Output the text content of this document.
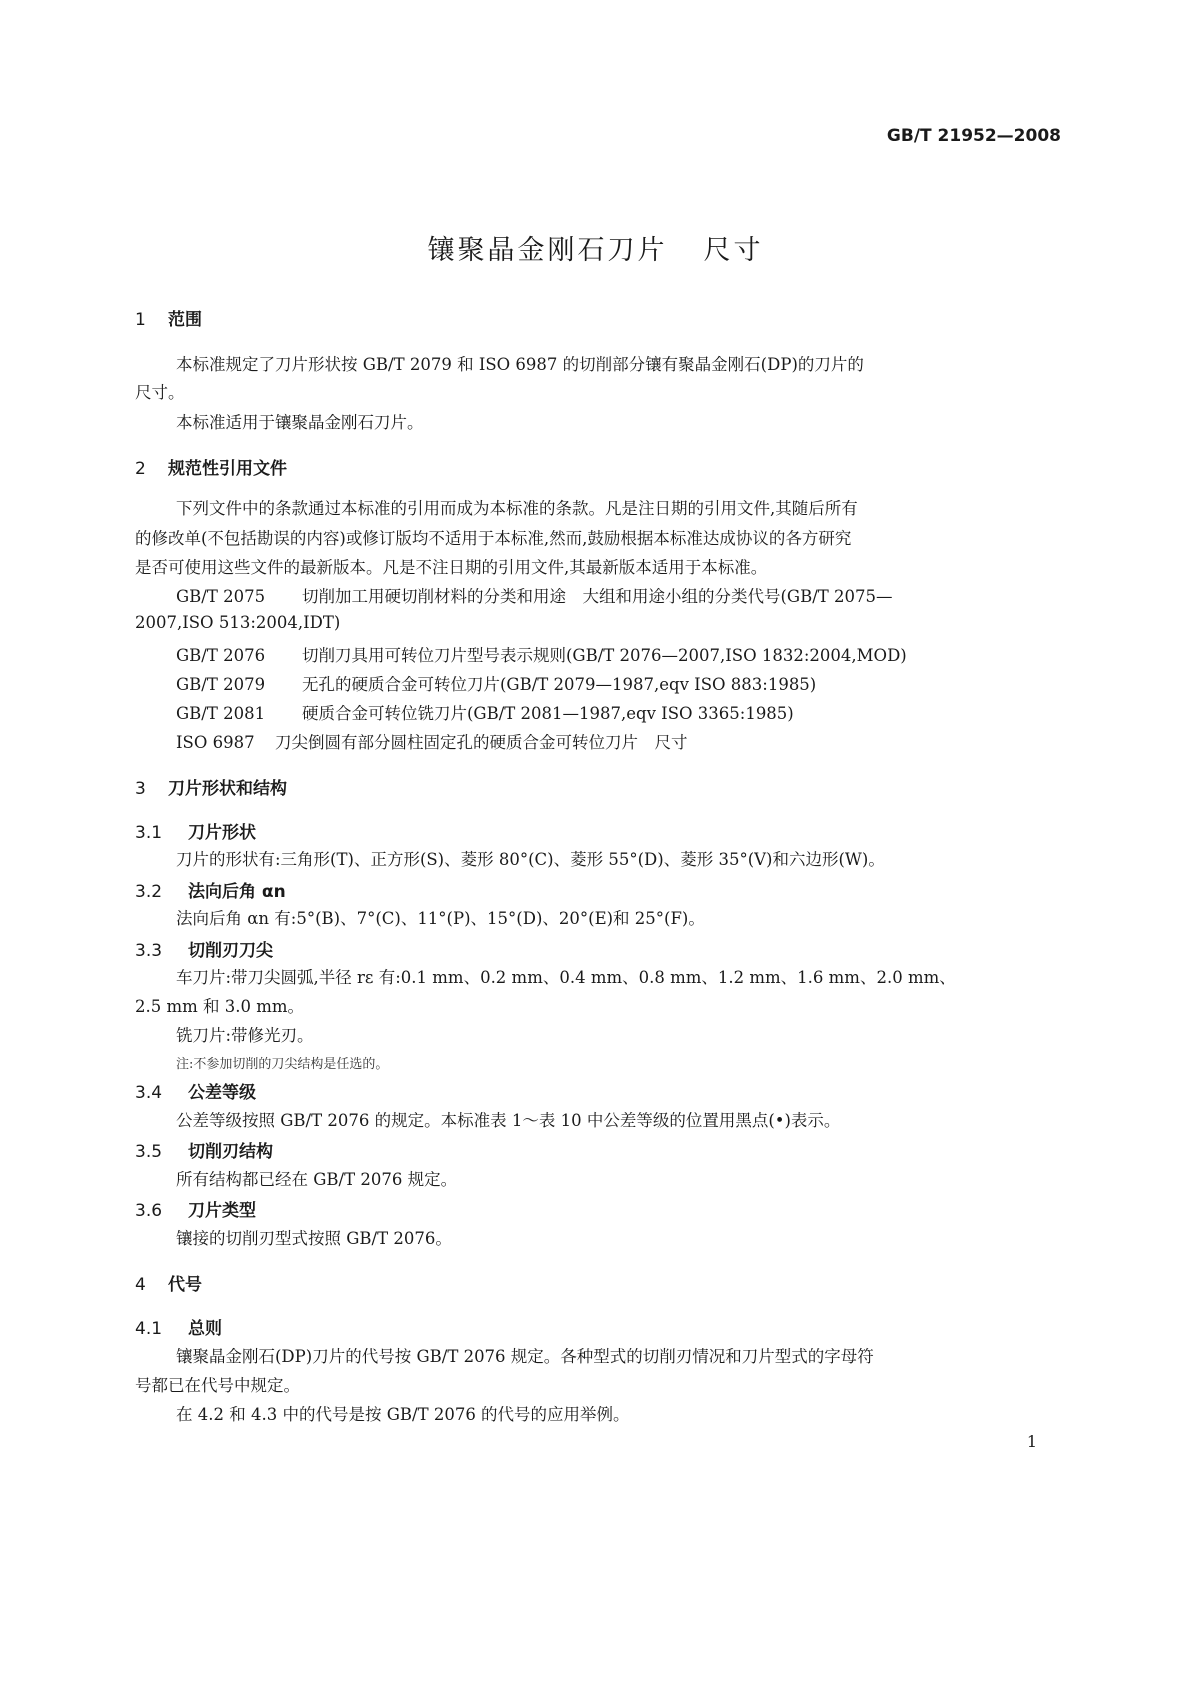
GB/T 21952—2008
镶聚晶金刚石刀片 尺寸
1 范围
本标准规定了刀片形状按 GB/T 2079 和 ISO 6987 的切削部分镶有聚晶金刚石(DP)的刀片的
尺寸。
本标准适用于镶聚晶金刚石刀片。
2 规范性引用文件
下列文件中的条款通过本标准的引用而成为本标准的条款。凡是注日期的引用文件,其随后所有
的修改单(不包括勘误的内容)或修订版均不适用于本标准,然而,鼓励根据本标准达成协议的各方研究
是否可使用这些文件的最新版本。凡是不注日期的引用文件,其最新版本适用于本标准。
GB/T 2075 切削加工用硬切削材料的分类和用途　大组和用途小组的分类代号(GB/T 2075—
2007,ISO 513:2004,IDT)
GB/T 2076 切削刀具用可转位刀片型号表示规则(GB/T 2076—2007,ISO 1832:2004,MOD)
GB/T 2079 无孔的硬质合金可转位刀片(GB/T 2079—1987,eqv ISO 883:1985)
GB/T 2081 硬质合金可转位铣刀片(GB/T 2081—1987,eqv ISO 3365:1985)
ISO 6987 刀尖倒圆有部分圆柱固定孔的硬质合金可转位刀片　尺寸
3 刀片形状和结构
3.1 刀片形状
刀片的形状有:三角形(T)、正方形(S)、菱形 80°(C)、菱形 55°(D)、菱形 35°(V)和六边形(W)。
3.2 法向后角 αn
法向后角 αn 有:5°(B)、7°(C)、11°(P)、15°(D)、20°(E)和 25°(F)。
3.3 切削刃刀尖
车刀片:带刀尖圆弧,半径 rε 有:0.1 mm、0.2 mm、0.4 mm、0.8 mm、1.2 mm、1.6 mm、2.0 mm、
2.5 mm 和 3.0 mm。
铣刀片:带修光刃。
注:不参加切削的刀尖结构是任选的。
3.4 公差等级
公差等级按照 GB/T 2076 的规定。本标准表 1～表 10 中公差等级的位置用黑点(•)表示。
3.5 切削刃结构
所有结构都已经在 GB/T 2076 规定。
3.6 刀片类型
镶接的切削刃型式按照 GB/T 2076。
4 代号
4.1 总则
镶聚晶金刚石(DP)刀片的代号按 GB/T 2076 规定。各种型式的切削刃情况和刀片型式的字母符
号都已在代号中规定。
在 4.2 和 4.3 中的代号是按 GB/T 2076 的代号的应用举例。
1
